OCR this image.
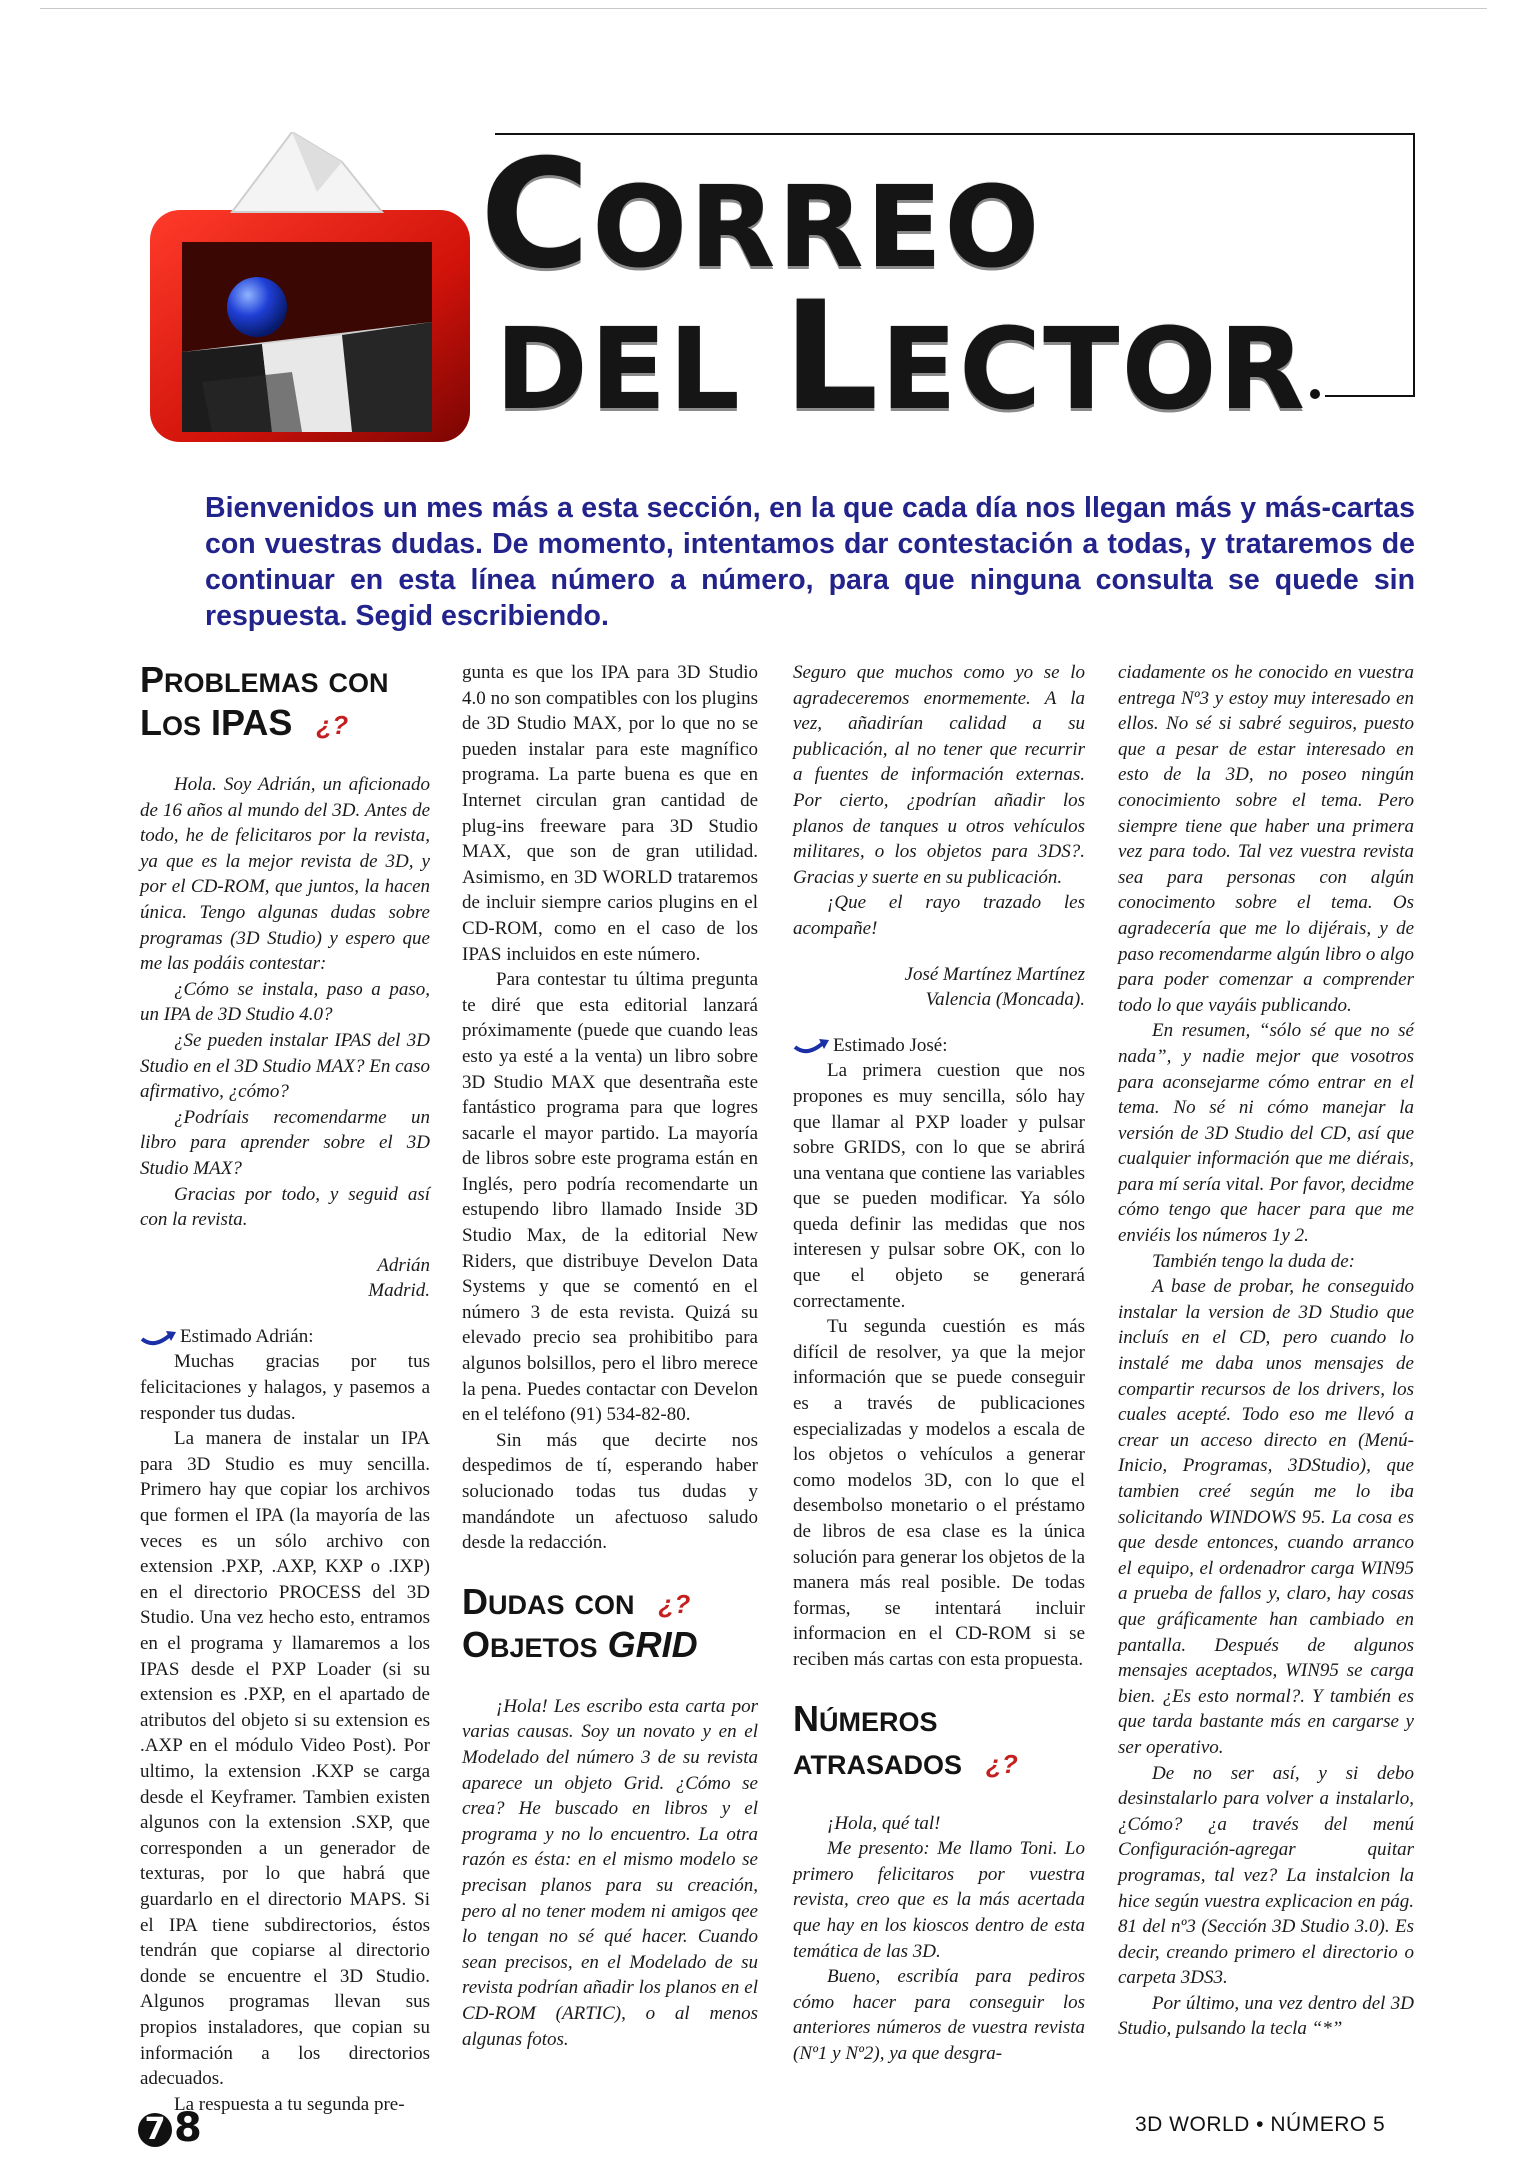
CORREO
DEL LECTOR
Bienvenidos un mes más a esta sección, en la que cada día nos llegan más y más-cartas con vuestras dudas. De momento, intentamos dar contestación a todas, y trataremos de continuar en esta línea número a número, para que ninguna consulta se quede sin respuesta. Segid escribiendo.
PROBLEMAS CON
LOS IPAS ¿?

Hola. Soy Adrián, un aficionado de 16 años al mundo del 3D. Antes de todo, he de felicitaros por la revista, ya que es la mejor revista de 3D, y por el CD-ROM, que juntos, la hacen única. Tengo algunas dudas sobre programas (3D Studio) y espero que me las podáis contestar:

¿Cómo se instala, paso a paso, un IPA de 3D Studio 4.0?

¿Se pueden instalar IPAS del 3D Studio en el 3D Studio MAX? En caso afirmativo, ¿cómo?

¿Podríais recomendarme un libro para aprender sobre el 3D Studio MAX?

Gracias por todo, y seguid así con la revista.

Adrián

Madrid.

Estimado Adrián:

Muchas gracias por tus felicitaciones y halagos, y pasemos a responder tus dudas.

La manera de instalar un IPA para 3D Studio es muy sencilla. Primero hay que copiar los archivos que formen el IPA (la mayoría de las veces es un sólo archivo con extension .PXP, .AXP, KXP o .IXP) en el directorio PROCESS del 3D Studio. Una vez hecho esto, entramos en el programa y llamaremos a los IPAS desde el PXP Loader (si su extension es .PXP, en el apartado de atributos del objeto si su extension es .AXP en el módulo Video Post). Por ultimo, la extension .KXP se carga desde el Keyframer. Tambien existen algunos con la extension .SXP, que corresponden a un generador de texturas, por lo que habrá que guardarlo en el directorio MAPS. Si el IPA tiene subdirectorios, éstos tendrán que copiarse al directorio donde se encuentre el 3D Studio. Algunos programas llevan sus propios instaladores, que copian su información a los directorios adecuados.

La respuesta a tu segunda pre-

gunta es que los IPA para 3D Studio 4.0 no son compatibles con los plugins de 3D Studio MAX, por lo que no se pueden instalar para este magnífico programa. La parte buena es que en Internet circulan gran cantidad de plug-ins freeware para 3D Studio MAX, que son de gran utilidad. Asimismo, en 3D WORLD trataremos de incluir siempre carios plugins en el CD-ROM, como en el caso de los IPAS incluidos en este número.

Para contestar tu última pregunta te diré que esta editorial lanzará próximamente (puede que cuando leas esto ya esté a la venta) un libro sobre 3D Studio MAX que desentraña este fantástico programa para que logres sacarle el mayor partido. La mayoría de libros sobre este programa están en Inglés, pero podría recomendarte un estupendo libro llamado Inside 3D Studio Max, de la editorial New Riders, que distribuye Develon Data Systems y que se comentó en el número 3 de esta revista. Quizá su elevado precio sea prohibitibo para algunos bolsillos, pero el libro merece la pena. Puedes contactar con Develon en el teléfono (91) 534-82-80.

Sin más que decirte nos despedimos de tí, esperando haber solucionado todas tus dudas y mandándote un afectuoso saludo desde la redacción.

DUDAS CON ¿?
OBJETOS GRID

¡Hola! Les escribo esta carta por varias causas. Soy un novato y en el Modelado del número 3 de su revista aparece un objeto Grid. ¿Cómo se crea? He buscado en libros y el programa y no lo encuentro. La otra razón es ésta: en el mismo modelo se precisan planos para su creación, pero al no tener modem ni amigos qee lo tengan no sé qué hacer. Cuando sean precisos, en el Modelado de su revista podrían añadir los planos en el CD-ROM (ARTIC), o al menos algunas fotos.

Seguro que muchos como yo se lo agradeceremos enormemente. A la vez, añadirían calidad a su publicación, al no tener que recurrir a fuentes de información externas. Por cierto, ¿podrían añadir los planos de tanques u otros vehículos militares, o los objetos para 3DS?. Gracias y suerte en su publicación.

¡Que el rayo trazado les acompañe!

José Martínez Martínez

Valencia (Moncada).

Estimado José:

La primera cuestion que nos propones es muy sencilla, sólo hay que llamar al PXP loader y pulsar sobre GRIDS, con lo que se abrirá una ventana que contiene las variables que se pueden modificar. Ya sólo queda definir las medidas que nos interesen y pulsar sobre OK, con lo que el objeto se generará correctamente.

Tu segunda cuestión es más difícil de resolver, ya que la mejor información que se puede conseguir es a través de publicaciones especializadas y modelos a escala de los objetos o vehículos a generar como modelos 3D, con lo que el desembolso monetario o el préstamo de libros de esa clase es la única solución para generar los objetos de la manera más real posible. De todas formas, se intentará incluir informacion en el CD-ROM si se reciben más cartas con esta propuesta.

NÚMEROS
ATRASADOS ¿?

¡Hola, qué tal!

Me presento: Me llamo Toni. Lo primero felicitaros por vuestra revista, creo que es la más acertada que hay en los kioscos dentro de esta temática de las 3D.

Bueno, escribía para pediros cómo hacer para conseguir los anteriores números de vuestra revista (Nº1 y Nº2), ya que desgra-

ciadamente os he conocido en vuestra entrega Nº3 y estoy muy interesado en ellos. No sé si sabré seguiros, puesto que a pesar de estar interesado en esto de la 3D, no poseo ningún conocimiento sobre el tema. Pero siempre tiene que haber una primera vez para todo. Tal vez vuestra revista sea para personas con algún conocimento sobre el tema. Os agradecería que me lo dijérais, y de paso recomendarme algún libro o algo para poder comenzar a comprender todo lo que vayáis publicando.

En resumen, “sólo sé que no sé nada”, y nadie mejor que vosotros para aconsejarme cómo entrar en el tema. No sé ni cómo manejar la versión de 3D Studio del CD, así que cualquier información que me diérais, para mí sería vital. Por favor, decidme cómo tengo que hacer para que me enviéis los números 1y 2.

También tengo la duda de:

A base de probar, he conseguido instalar la version de 3D Studio que incluís en el CD, pero cuando lo instalé me daba unos mensajes de compartir recursos de los drivers, los cuales acepté. Todo eso me llevó a crear un acceso directo en (Menú-Inicio, Programas, 3DStudio), que tambien creé según me lo iba solicitando WINDOWS 95. La cosa es que desde entonces, cuando arranco el equipo, el ordenadror carga WIN95 a prueba de fallos y, claro, hay cosas que gráficamente han cambiado en pantalla. Después de algunos mensajes aceptados, WIN95 se carga bien. ¿Es esto normal?. Y también es que tarda bastante más en cargarse y ser operativo.

De no ser así, y si debo desinstalarlo para volver a instalarlo, ¿Cómo? ¿a través del menú Configuración-agregar quitar programas, tal vez? La instalcion la hice según vuestra explicacion en pág. 81 del nº3 (Sección 3D Studio 3.0). Es decir, creando primero el directorio o carpeta 3DS3.

Por último, una vez dentro del 3D Studio, pulsando la tecla “*”

7 8	3D WORLD • NÚMERO 5
